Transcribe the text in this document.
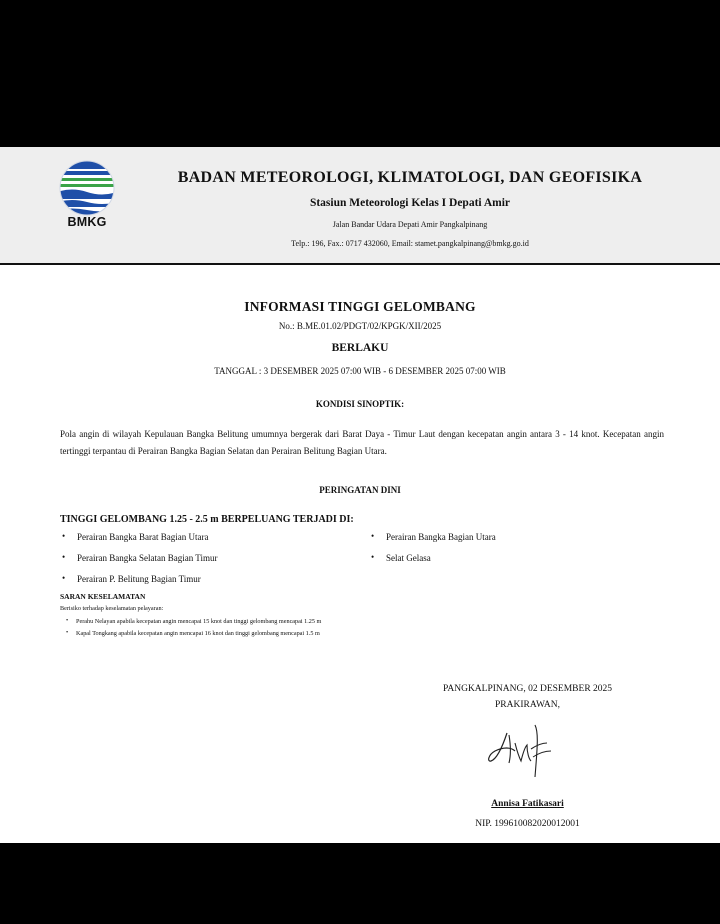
BMKG
BADAN METEOROLOGI, KLIMATOLOGI, DAN GEOFISIKA
Stasiun Meteorologi Kelas I Depati Amir
Jalan Bandar Udara Depati Amir Pangkalpinang
Telp.: 196, Fax.: 0717 432060, Email: stamet.pangkalpinang@bmkg.go.id
INFORMASI TINGGI GELOMBANG
No.: B.ME.01.02/PDGT/02/KPGK/XII/2025
BERLAKU
TANGGAL : 3 DESEMBER 2025 07:00 WIB - 6 DESEMBER 2025 07:00 WIB
KONDISI SINOPTIK:
Pola angin di wilayah Kepulauan Bangka Belitung umumnya bergerak dari Barat Daya - Timur Laut dengan kecepatan angin antara 3 - 14 knot. Kecepatan angin tertinggi terpantau di Perairan Bangka Bagian Selatan dan Perairan Belitung Bagian Utara.
PERINGATAN DINI
TINGGI GELOMBANG 1.25 - 2.5 m BERPELUANG TERJADI DI:
• Perairan Bangka Barat Bagian Utara	• Perairan Bangka Bagian Utara
• Perairan Bangka Selatan Bagian Timur	• Selat Gelasa
• Perairan P. Belitung Bagian Timur
SARAN KESELAMATAN
Berisiko terhadap keselamatan pelayaran:
• Perahu Nelayan apabila kecepatan angin mencapai 15 knot dan tinggi gelombang mencapai 1.25 m
• Kapal Tongkang apabila kecepatan angin mencapai 16 knot dan tinggi gelombang mencapai 1.5 m
PANGKALPINANG, 02 DESEMBER 2025
PRAKIRAWAN,
Annisa Fatikasari
NIP. 199610082020012001
